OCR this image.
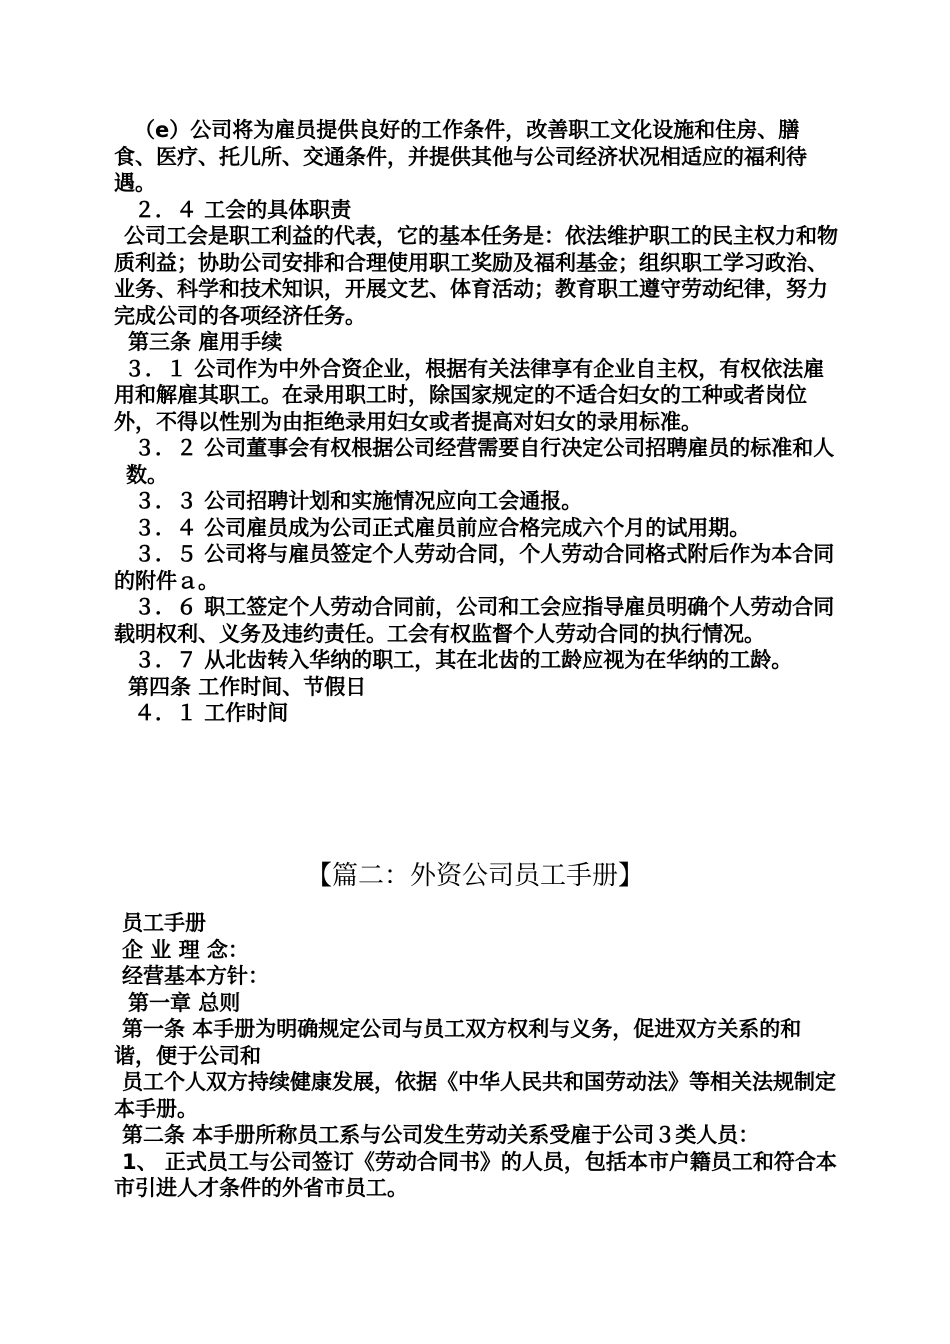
（e）公司将为雇员提供良好的工作条件，改善职工文化设施和住房、膳食、医疗、托儿所、交通条件，并提供其他与公司经济状况相适应的福利待遇。

２．４ 工会的具体职责

公司工会是职工利益的代表，它的基本任务是：依法维护职工的民主权力和物质利益；协助公司安排和合理使用职工奖励及福利基金；组织职工学习政治、业务、科学和技术知识，开展文艺、体育活动；教育职工遵守劳动纪律，努力完成公司的各项经济任务。

第三条 雇用手续

３．１ 公司作为中外合资企业，根据有关法律享有企业自主权，有权依法雇用和解雇其职工。在录用职工时，除国家规定的不适合妇女的工种或者岗位外，不得以性别为由拒绝录用妇女或者提高对妇女的录用标准。

３．２ 公司董事会有权根据公司经营需要自行决定公司招聘雇员的标准和人

数。

３．３ 公司招聘计划和实施情况应向工会通报。

３．４ 公司雇员成为公司正式雇员前应合格完成六个月的试用期。

３．５ 公司将与雇员签定个人劳动合同，个人劳动合同格式附后作为本合同的附件ａ。

３．６ 职工签定个人劳动合同前，公司和工会应指导雇员明确个人劳动合同载明权利、义务及违约责任。工会有权监督个人劳动合同的执行情况。

３．７ 从北齿转入华纳的职工，其在北齿的工龄应视为在华纳的工龄。

第四条 工作时间、节假日

４．１ 工作时间

【篇二：外资公司员工手册】

员工手册

企 业 理 念：

经营基本方针：

第一章 总则

第一条 本手册为明确规定公司与员工双方权利与义务，促进双方关系的和谐，便于公司和

员工个人双方持续健康发展，依据《中华人民共和国劳动法》等相关法规制定本手册。

第二条 本手册所称员工系与公司发生劳动关系受雇于公司３类人员：

1、 正式员工与公司签订《劳动合同书》的人员，包括本市户籍员工和符合本市引进人才条件的外省市员工。
